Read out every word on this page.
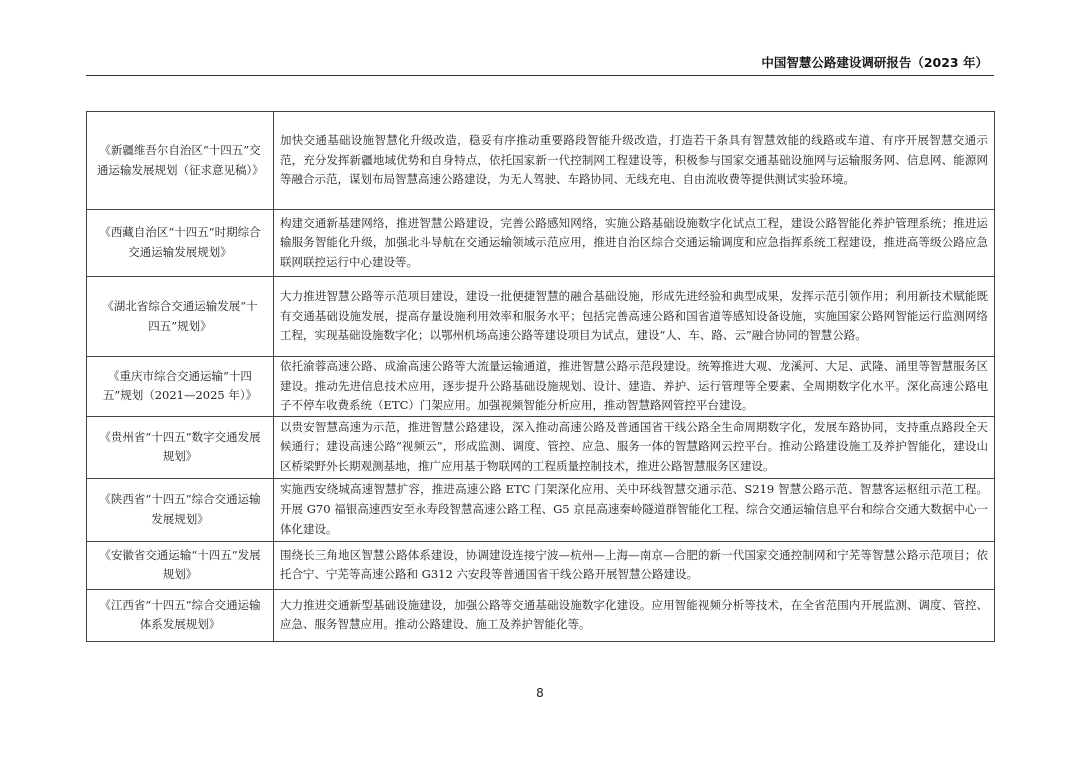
中国智慧公路建设调研报告（2023 年）
《新疆维吾尔自治区“十四五”交通运输发展规划（征求意见稿）》	加快交通基础设施智慧化升级改造，稳妥有序推动重要路段智能升级改造，打造若干条具有智慧效能的线路或车道、有序开展智慧交通示范，充分发挥新疆地域优势和自身特点，依托国家新一代控制网工程建设等，积极参与国家交通基础设施网与运输服务网、信息网、能源网等融合示范，谋划布局智慧高速公路建设，为无人驾驶、车路协同、无线充电、自由流收费等提供测试实验环境。
《西藏自治区“十四五”时期综合交通运输发展规划》	构建交通新基建网络，推进智慧公路建设，完善公路感知网络，实施公路基础设施数字化试点工程，建设公路智能化养护管理系统；推进运输服务智能化升级，加强北斗导航在交通运输领域示范应用，推进自治区综合交通运输调度和应急指挥系统工程建设，推进高等级公路应急联网联控运行中心建设等。
《湖北省综合交通运输发展“十四五”规划》	大力推进智慧公路等示范项目建设，建设一批便捷智慧的融合基础设施，形成先进经验和典型成果，发挥示范引领作用；利用新技术赋能既有交通基础设施发展，提高存量设施利用效率和服务水平；包括完善高速公路和国省道等感知设备设施，实施国家公路网智能运行监测网络工程，实现基础设施数字化；以鄂州机场高速公路等建设项目为试点，建设“人、车、路、云”融合协同的智慧公路。
《重庆市综合交通运输“十四五”规划（2021—2025 年）》	依托渝蓉高速公路、成渝高速公路等大流量运输通道，推进智慧公路示范段建设。统筹推进大观、龙溪河、大足、武隆、涌里等智慧服务区建设。推动先进信息技术应用，逐步提升公路基础设施规划、设计、建造、养护、运行管理等全要素、全周期数字化水平。深化高速公路电子不停车收费系统（ETC）门架应用。加强视频智能分析应用，推动智慧路网管控平台建设。
《贵州省“十四五”数字交通发展规划》	以贵安智慧高速为示范，推进智慧公路建设，深入推动高速公路及普通国省干线公路全生命周期数字化，发展车路协同，支持重点路段全天候通行；建设高速公路“视频云”，形成监测、调度、管控、应急、服务一体的智慧路网云控平台。推动公路建设施工及养护智能化，建设山区桥梁野外长期观测基地，推广应用基于物联网的工程质量控制技术，推进公路智慧服务区建设。
《陕西省“十四五”综合交通运输发展规划》	实施西安绕城高速智慧扩容，推进高速公路 ETC 门架深化应用、关中环线智慧交通示范、S219 智慧公路示范、智慧客运枢纽示范工程。开展 G70 福银高速西安至永寿段智慧高速公路工程、G5 京昆高速秦岭隧道群智能化工程、综合交通运输信息平台和综合交通大数据中心一体化建设。
《安徽省交通运输“十四五”发展规划》	围绕长三角地区智慧公路体系建设，协调建设连接宁波—杭州—上海—南京—合肥的新一代国家交通控制网和宁芜等智慧公路示范项目；依托合宁、宁芜等高速公路和 G312 六安段等普通国省干线公路开展智慧公路建设。
《江西省“十四五”综合交通运输体系发展规划》	大力推进交通新型基础设施建设，加强公路等交通基础设施数字化建设。应用智能视频分析等技术，在全省范围内开展监测、调度、管控、应急、服务智慧应用。推动公路建设、施工及养护智能化等。
8
